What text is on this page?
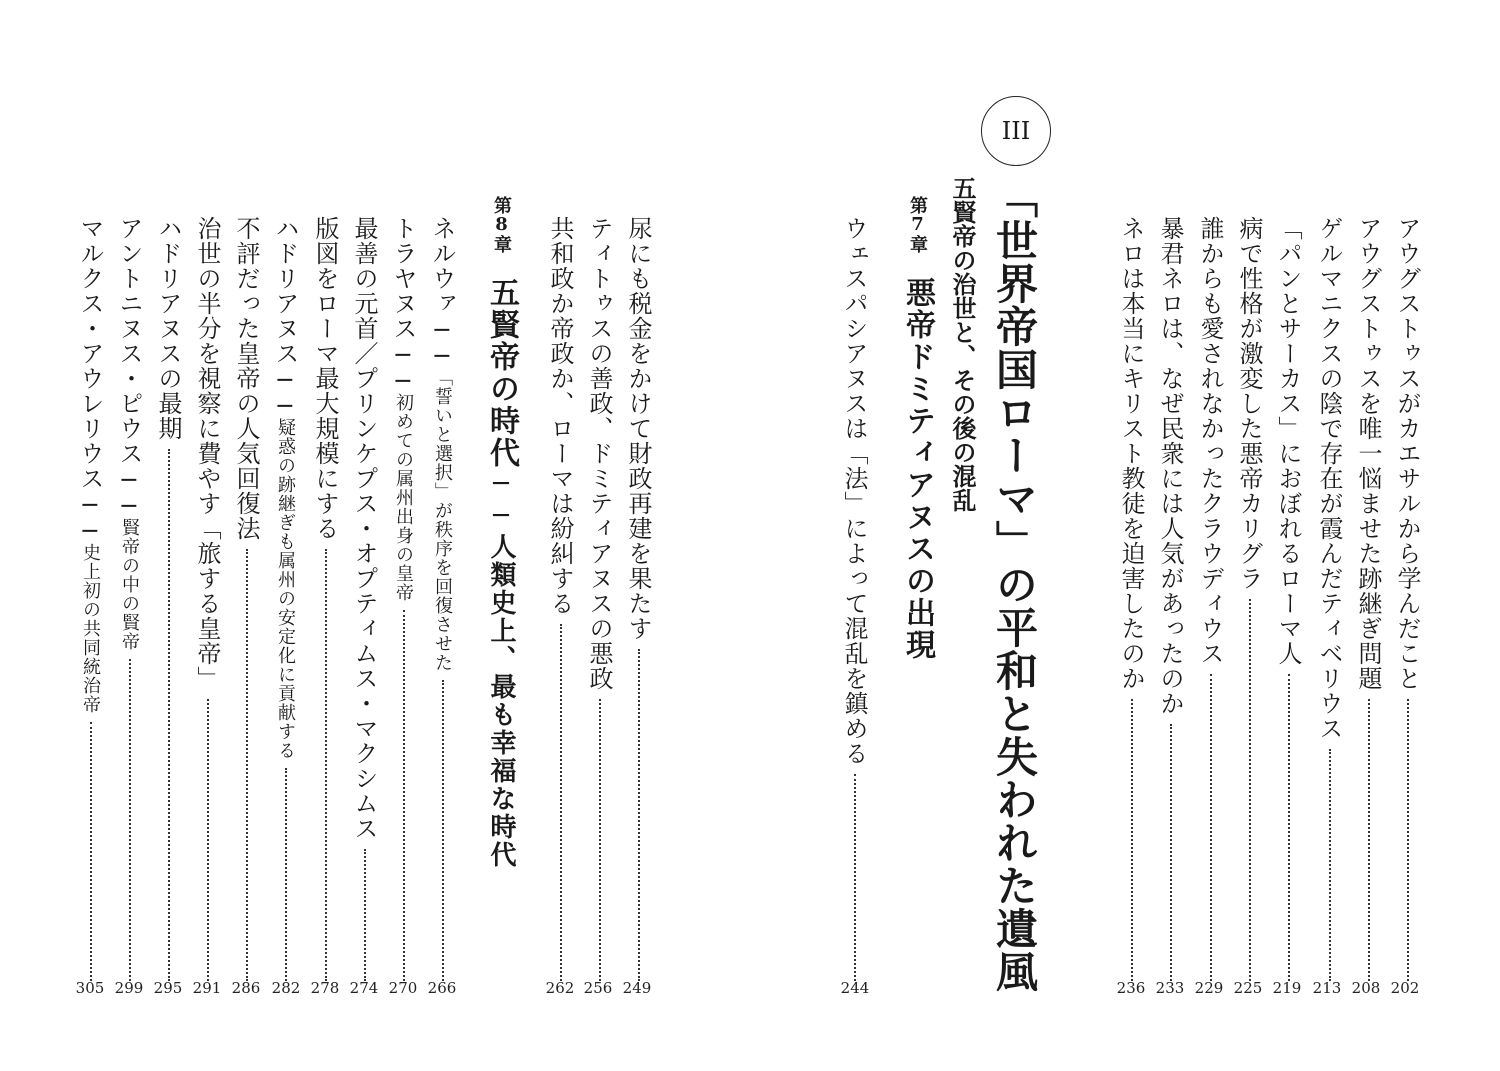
III
「世界帝国ローマ」の平和と失われた遺風
五賢帝の治世と、その後の混乱	アウグストゥスがカエサルから学んだこと
202
アウグストゥスを唯一悩ませた跡継ぎ問題
208
ゲルマニクスの陰で存在が霞んだティベリウス
213
「パンとサーカス」におぼれるローマ人
219
病で性格が激変した悪帝カリグラ
225
誰からも愛されなかったクラウディウス
229
暴君ネロは、なぜ民衆には人気があったのか
233
ネロは本当にキリスト教徒を迫害したのか
236
第7章悪帝ドミティアヌスの出現
ウェスパシアヌスは「法」によって混乱を鎮める
244
尿にも税金をかけて財政再建を果たす
249
ティトゥスの善政、ドミティアヌスの悪政
256
共和政か帝政か、ローマは紛糾する
262
第8章五賢帝の時代──人類史上、最も幸福な時代
ネルウァ──「誓いと選択」が秩序を回復させた
266
トラヤヌス──初めての属州出身の皇帝
270
最善の元首／プリンケプス・オプティムス・マクシムス
274
版図をローマ最大規模にする
278
ハドリアヌス──疑惑の跡継ぎも属州の安定化に貢献する
282
不評だった皇帝の人気回復法
286
治世の半分を視察に費やす「旅する皇帝」
291
ハドリアヌスの最期
295
アントニヌス・ピウス──賢帝の中の賢帝
299
マルクス・アウレリウス──史上初の共同統治帝
305
